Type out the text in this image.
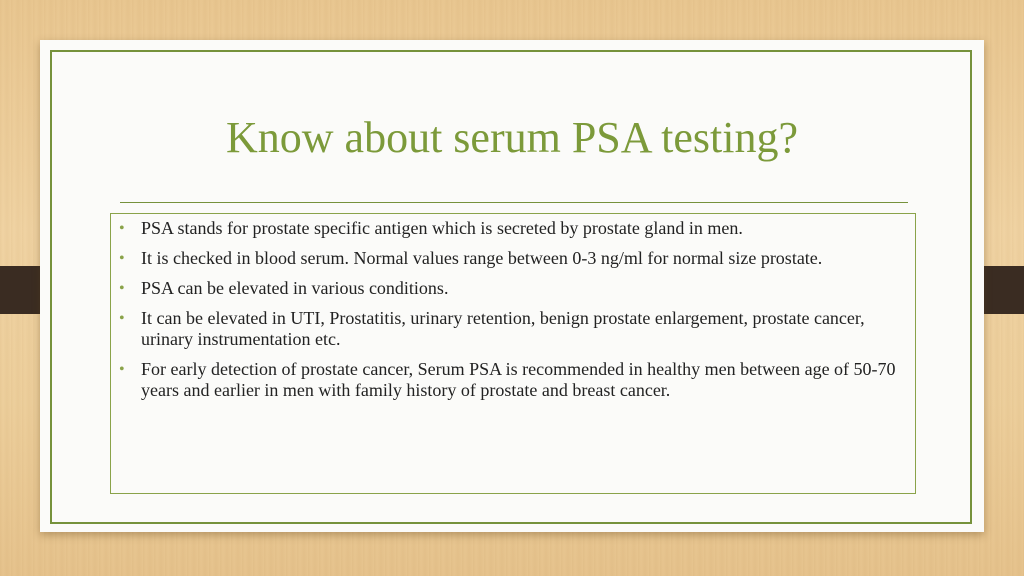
Know about serum PSA testing?
• PSA stands for prostate specific antigen which is secreted by prostate gland in men.
• It is checked in blood serum. Normal values range between 0-3 ng/ml for normal size prostate.
• PSA can be elevated in various conditions.
• It can be elevated in UTI, Prostatitis, urinary retention, benign prostate enlargement, prostate cancer, urinary instrumentation etc.
• For early detection of prostate cancer, Serum PSA is recommended in healthy men between age of 50-70 years and earlier in men with family history of prostate and breast cancer.
